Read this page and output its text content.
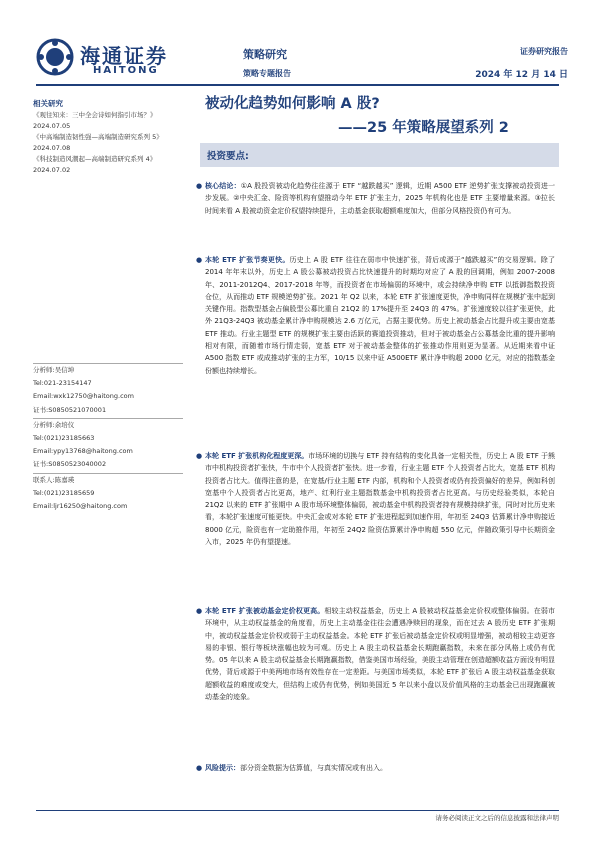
海通证券
HAITONG
策略研究
策略专题报告
证券研究报告
2024 年 12 月 14 日
被动化趋势如何影响 A 股?
——25 年策略展望系列 2
相关研究
《观往知来：三中全会诗如何指引市场？》2024.07.05
《中高端制造韧性强—高端制造研究系列 5》2024.07.08
《科技制造风潮起—高端制造研究系列 4》2024.07.02
分析师:吴信坤
Tel:021-23154147
Email:wxk12750@haitong.com
证书:S0850521070001
分析师:余培仪
Tel:(021)23185663
Email:ypy13768@haitong.com
证书:S0850523040002
联系人:陈嘉瑛
Tel:(021)23185659
Email:ljr16250@haitong.com
投资要点:
● 核心结论：①A 股投资被动化趋势往往源于 ETF “越跌越买” 逻辑，近期 A500 ETF 逆势扩张支撑被动投资进一步发展。②中央汇金、险资等机构有望推动今年 ETF 扩张主力，2025 年机构化也是 ETF 主要增量来源。③拉长时间来看 A 股被动资金定价权望持续提升，主动基金获取超额难度加大，但部分风格投资仍有可为。
● 本轮 ETF 扩张节奏更快。历史上 A 股 ETF 往往在弱市中快速扩张，背后或源于“越跌越买”的交易逻辑。除了 2014 年年末以外，历史上 A 股公募被动投资占比快速提升的时期均对应了 A 股的回调期，例如 2007-2008 年、2011-2012Q4、2017-2018 年等，而投资者在市场偏弱的环境中，或会持续净申购 ETF 以抵御指数投资仓位，从而推动 ETF 规模逆势扩张。2021 年 Q2 以来，本轮 ETF 扩张速度更快，净申购同样在规模扩张中起到关键作用。指数型基金占偏股型公募比重自 21Q2 的 17%提升至 24Q3 的 47%。扩张速度较以往扩张更快，此外 21Q3-24Q3 被动基金累计净申购规模达 2.6 万亿元，占据主要优势。历史上被动基金占比提升或主要由宽基 ETF 推动。行业主题型 ETF 的规模扩张主要由活跃的赛道投资推动，但对于被动基金占公募基金比重的提升影响相对有限，而随着市场行情走弱，宽基 ETF 对于被动基金整体的扩张推动作用则更为显著。从近期来看中证 A500 指数 ETF 或成推动扩张的主力军，10/15 以来中证 A500ETF 累计净申购超 2000 亿元，对应的指数基金份额也持续增长。
● 本轮 ETF 扩张机构化程度更深。市场环境的切换与 ETF 持有结构的变化具备一定相关性，历史上 A 股 ETF 于熊市中机构投资者扩张快，牛市中个人投资者扩张快。进一步看，行业主题 ETF 个人投资者占比大，宽基 ETF 机构投资者占比大。值得注意的是，在宽基/行业主题 ETF 内部，机构和个人投资者或仍有投资偏好的差异，例如科创宽基中个人投资者占比更高，地产、红利行业主题指数基金中机构投资者占比更高。与历史经验类似，本轮自 21Q2 以来的 ETF 扩张期中 A 股市场环境整体偏弱，被动基金中机构投资者持有规模持续扩张，同时对比历史来看，本轮扩张速度可能更快。中央汇金或对本轮 ETF 扩张进程起到加速作用，年初至 24Q3 估算累计净申购接近 8000 亿元，险资也有一定助推作用，年初至 24Q2 险资估算累计净申购超 550 亿元，伴随政策引导中长期资金入市，2025 年仍有望提速。
● 本轮 ETF 扩张被动基金定价权更高。相较主动权益基金，历史上 A 股被动权益基金定价权或整体偏弱。在弱市环境中，从主动权益基金的角度看，历史上主动基金往往会遭遇净赎回的现象，而在过去 A 股历史 ETF 扩张期中，被动权益基金定价权或弱于主动权益基金。本轮 ETF 扩张后被动基金定价权或明显增强，被动相较主动更容易的非银、银行等板块涨幅也较为可观。历史上 A 股主动权益基金长期跑赢指数，未来在部分风格上或仍有优势。05 年以来 A 股主动权益基金长期跑赢指数，借鉴美国市场经验，美股主动管理在创造超额收益方面没有明显优势，背后或源于中美两地市场有效性存在一定差距。与美国市场类似，本轮 ETF 扩张后 A 股主动权益基金获取超额收益的难度或变大，但结构上或仍有优势，例如美国近 5 年以来小盘以及价值风格的主动基金已出现跑赢被动基金的迹象。
● 风险提示：部分资金数据为估算值，与真实情况或有出入。
请务必阅读正文之后的信息披露和法律声明
